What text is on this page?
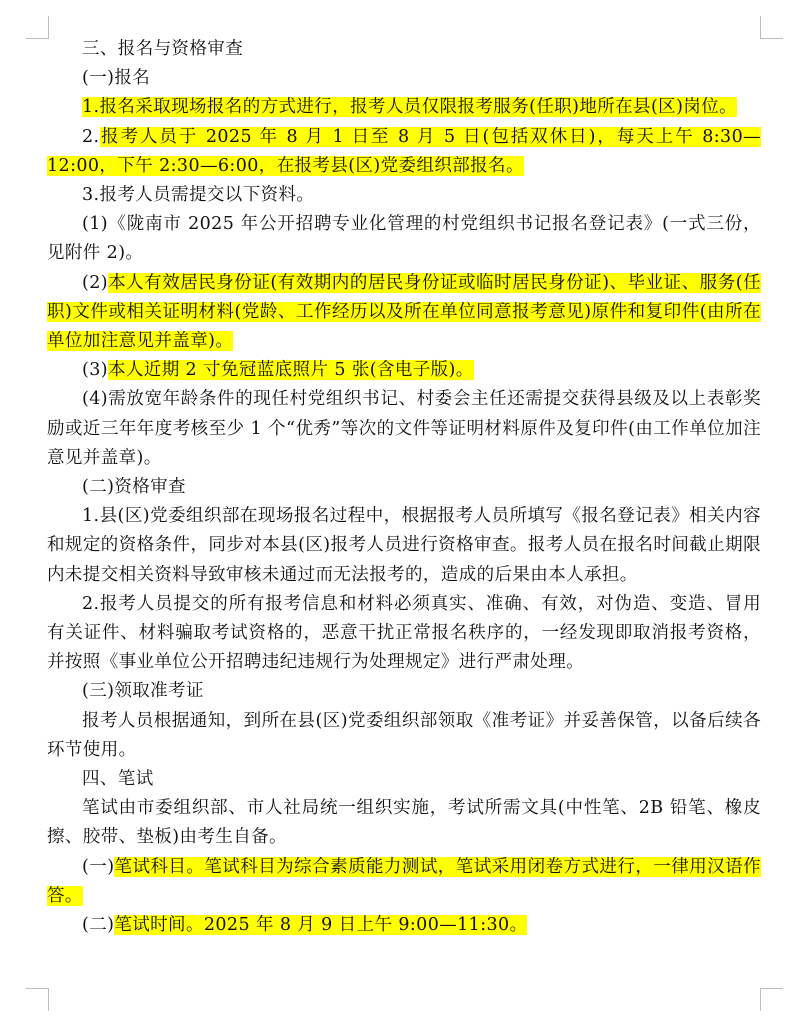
三、报名与资格审查

(一)报名

1.报名采取现场报名的方式进行，报考人员仅限报考服务(任职)地所在县(区)岗位。

2.报考人员于 2025 年 8 月 1 日至 8 月 5 日(包括双休日)，每天上午 8:30—12:00，下午 2:30—6:00，在报考县(区)党委组织部报名。

3.报考人员需提交以下资料。

(1)《陇南市 2025 年公开招聘专业化管理的村党组织书记报名登记表》(一式三份，见附件 2)。

(2)本人有效居民身份证(有效期内的居民身份证或临时居民身份证)、毕业证、服务(任职)文件或相关证明材料(党龄、工作经历以及所在单位同意报考意见)原件和复印件(由所在单位加注意见并盖章)。

(3)本人近期 2 寸免冠蓝底照片 5 张(含电子版)。

(4)需放宽年龄条件的现任村党组织书记、村委会主任还需提交获得县级及以上表彰奖励或近三年年度考核至少 1 个“优秀”等次的文件等证明材料原件及复印件(由工作单位加注意见并盖章)。

(二)资格审查

1.县(区)党委组织部在现场报名过程中，根据报考人员所填写《报名登记表》相关内容和规定的资格条件，同步对本县(区)报考人员进行资格审查。报考人员在报名时间截止期限内未提交相关资料导致审核未通过而无法报考的，造成的后果由本人承担。

2.报考人员提交的所有报考信息和材料必须真实、准确、有效，对伪造、变造、冒用有关证件、材料骗取考试资格的，恶意干扰正常报名秩序的，一经发现即取消报考资格，并按照《事业单位公开招聘违纪违规行为处理规定》进行严肃处理。

(三)领取准考证

报考人员根据通知，到所在县(区)党委组织部领取《准考证》并妥善保管，以备后续各环节使用。

四、笔试

笔试由市委组织部、市人社局统一组织实施，考试所需文具(中性笔、2B 铅笔、橡皮擦、胶带、垫板)由考生自备。

(一)笔试科目。笔试科目为综合素质能力测试，笔试采用闭卷方式进行，一律用汉语作答。

(二)笔试时间。2025 年 8 月 9 日上午 9:00—11:30。
